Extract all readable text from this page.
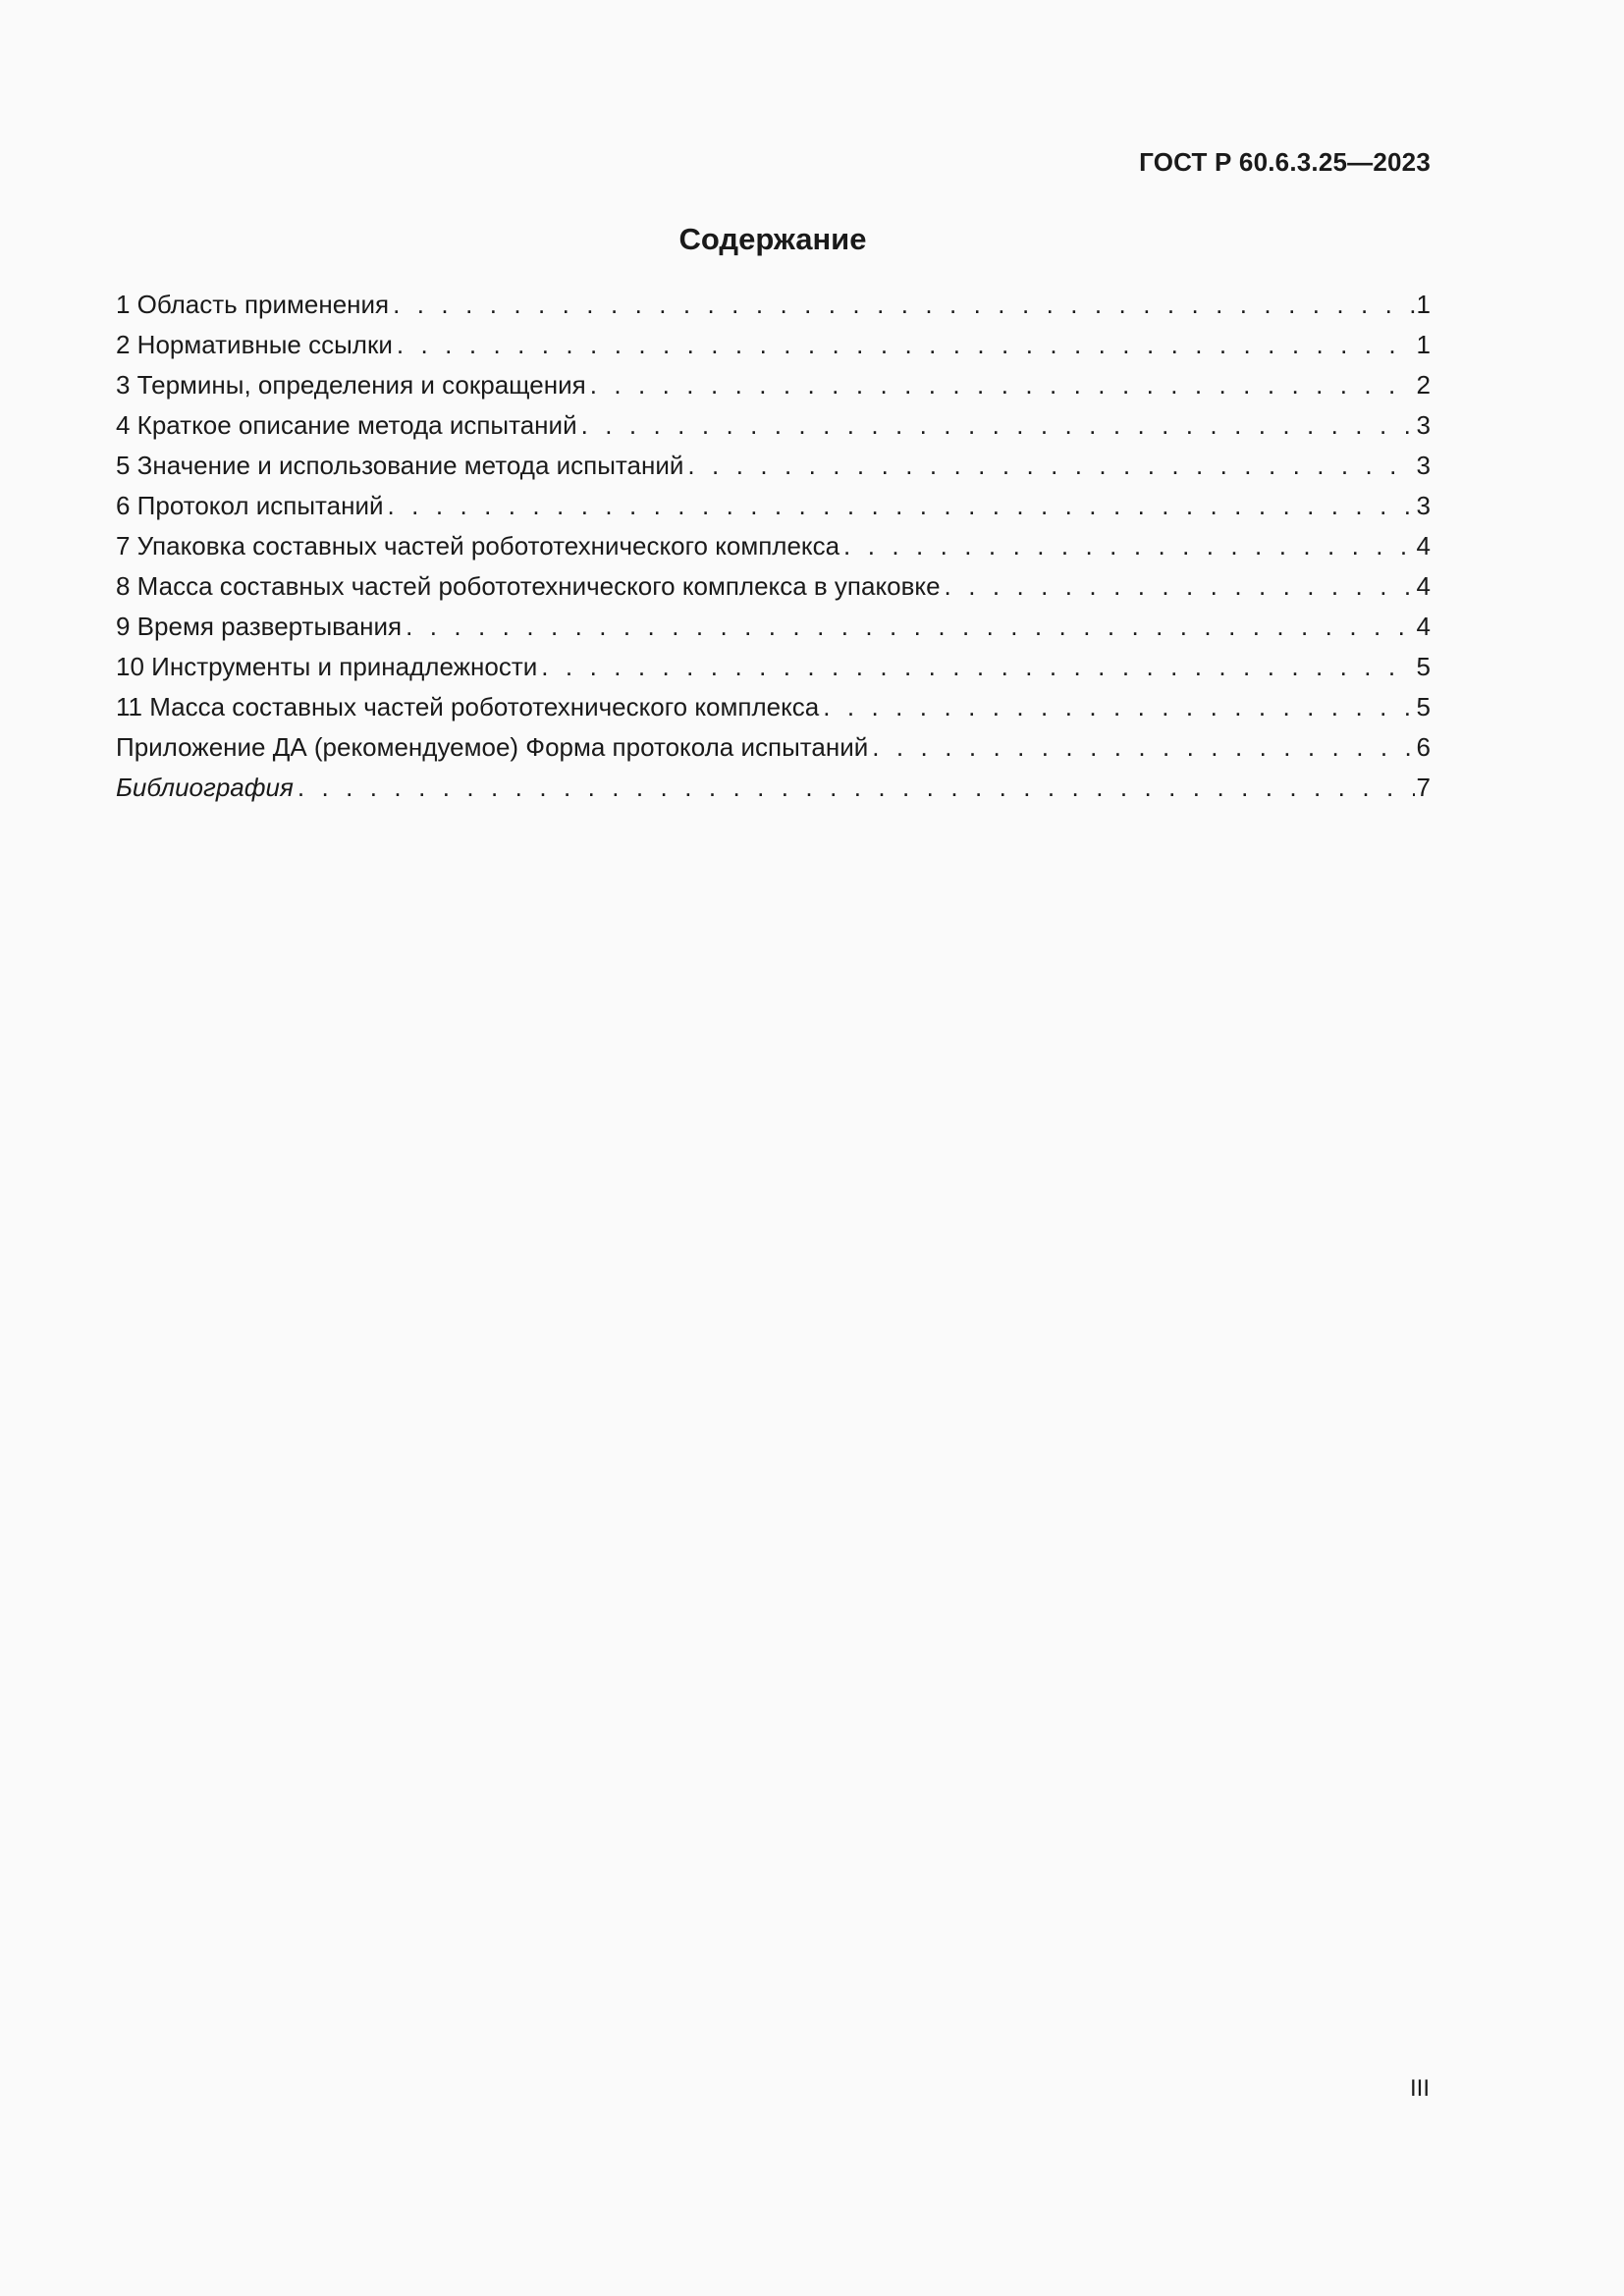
ГОСТ Р 60.6.3.25—2023
Содержание
1 Область применения . . .	1
2 Нормативные ссылки . . .	1
3 Термины, определения и сокращения . . .	2
4 Краткое описание метода испытаний . . .	3
5 Значение и использование метода испытаний . . .	3
6 Протокол испытаний . . .	3
7 Упаковка составных частей робототехнического комплекса . . .	4
8 Масса составных частей робототехнического комплекса в упаковке . . .	4
9 Время развертывания . . .	4
10 Инструменты и принадлежности . . .	5
11 Масса составных частей робототехнического комплекса . . .	5
Приложение ДА (рекомендуемое) Форма протокола испытаний . . .	6
Библиография . . .	7
III
